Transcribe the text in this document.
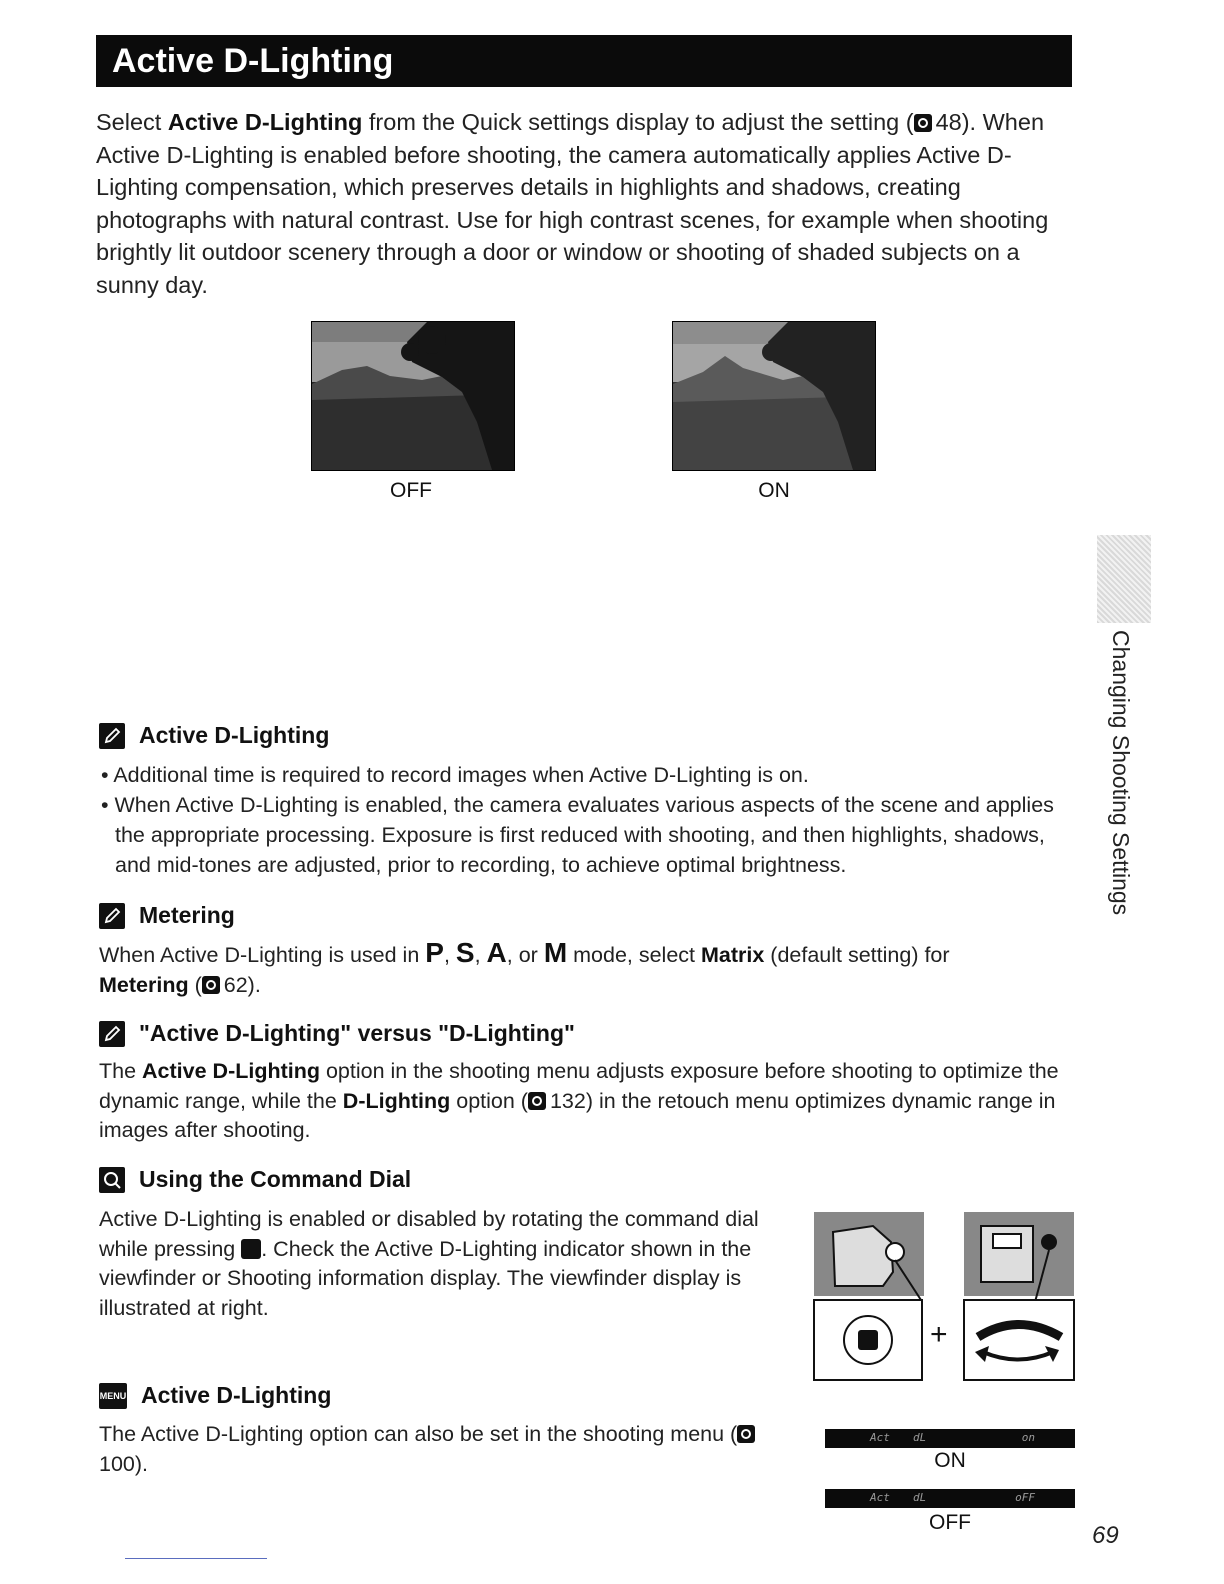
Active D-Lighting

Select Active D-Lighting from the Quick settings display to adjust the setting ( 48). When Active D-Lighting is enabled before shooting, the camera automatically applies Active D-Lighting compensation, which preserves details in highlights and shadows, creating photographs with natural contrast. Use for high contrast scenes, for example when shooting brightly lit outdoor scenery through a door or window or shooting of shaded subjects on a sunny day.

OFF	ON
Changing Shooting Settings
Active D-Lighting
• Additional time is required to record images when Active D-Lighting is on.
• When Active D-Lighting is enabled, the camera evaluates various aspects of the scene and applies the appropriate processing. Exposure is first reduced with shooting, and then highlights, shadows, and mid-tones are adjusted, prior to recording, to achieve optimal brightness.
Metering

When Active D-Lighting is used in P, S, A, or M mode, select Matrix (default setting) for
Metering ( 62).

"Active D-Lighting" versus "D-Lighting"

The Active D-Lighting option in the shooting menu adjusts exposure before shooting to optimize the dynamic range, while the D-Lighting option ( 132) in the retouch menu optimizes dynamic range in images after shooting.

Using the Command Dial

Active D-Lighting is enabled or disabled by rotating the command dial while pressing . Check the Active D-Lighting indicator shown in the viewfinder or Shooting information display. The viewfinder display is illustrated at right.

+
MENU Active D-Lighting

The Active D-Lighting option can also be set in the shooting menu (100).

Act dL	on
ON
Act dL	oFF
OFF	69
